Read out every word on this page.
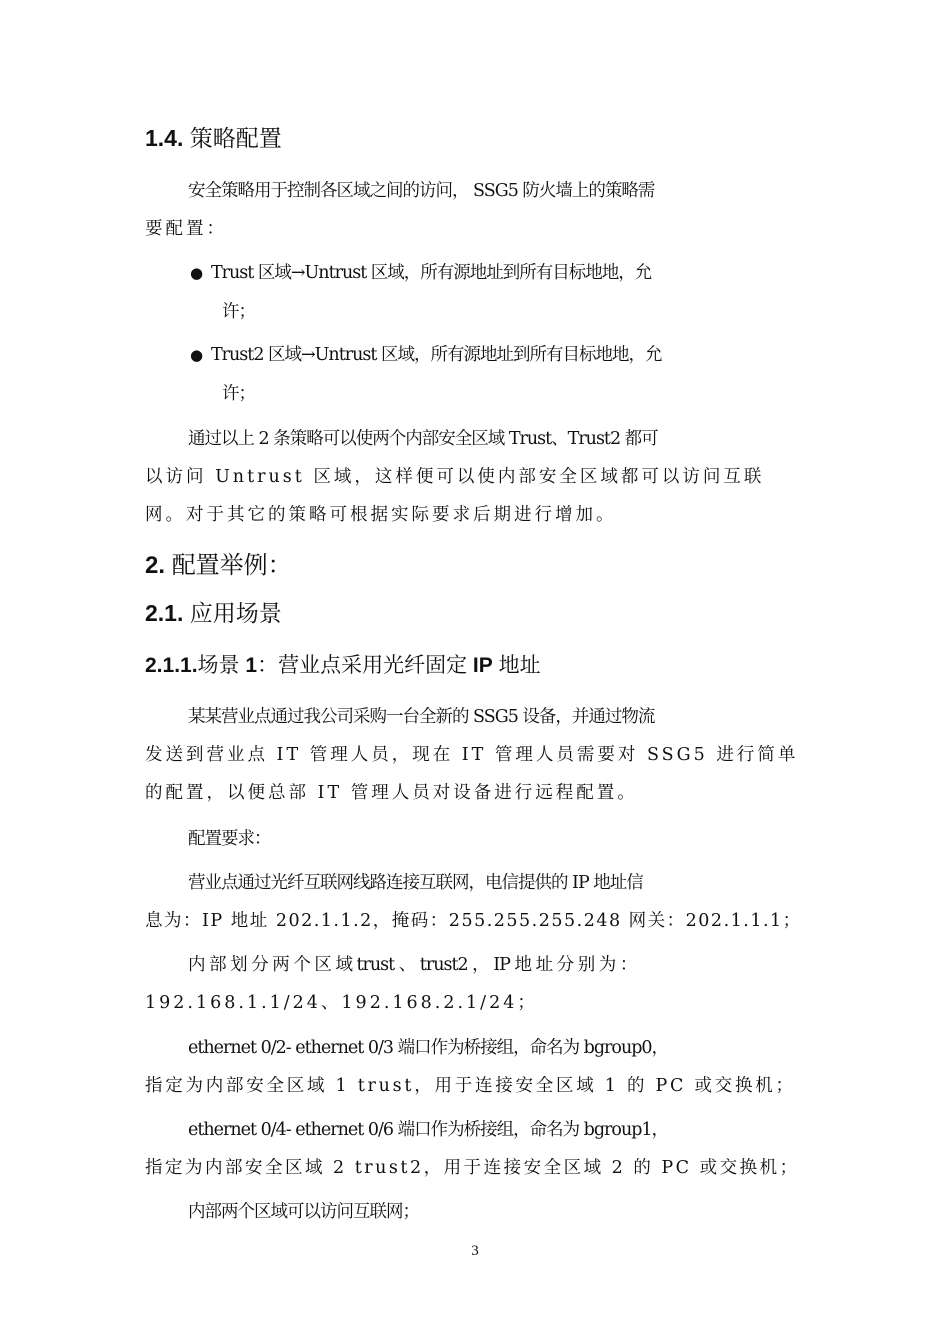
1.4. 策略配置
安全策略用于控制各区域之间的访问， SSG5 防火墙上的策略需
要配置：
● Trust 区域→Untrust 区域，所有源地址到所有目标地地，允
许；
● Trust2 区域→Untrust 区域，所有源地址到所有目标地地，允
许；
通过以上 2 条策略可以使两个内部安全区域 Trust、Trust2 都可
以访问 Untrust 区域，这样便可以使内部安全区域都可以访问互联
网。对于其它的策略可根据实际要求后期进行增加。
2. 配置举例：
2.1. 应用场景
2.1.1.场景 1：营业点采用光纤固定 IP 地址
某某营业点通过我公司采购一台全新的 SSG5 设备，并通过物流
发送到营业点 IT 管理人员，现在 IT 管理人员需要对 SSG5 进行简单
的配置，以便总部 IT 管理人员对设备进行远程配置。
配置要求：
营业点通过光纤互联网线路连接互联网，电信提供的 IP 地址信
息为：IP 地址 202.1.1.2，掩码：255.255.255.248 网关：202.1.1.1；
内 部 划 分 两 个 区 域 trust 、 trust2 ， IP 地 址 分 别 为 ：
192.168.1.1/24、192.168.2.1/24；
ethernet 0/2- ethernet 0/3 端口作为桥接组，命名为 bgroup0，
指定为内部安全区域 1 trust，用于连接安全区域 1 的 PC 或交换机；
ethernet 0/4- ethernet 0/6 端口作为桥接组，命名为 bgroup1，
指定为内部安全区域 2 trust2，用于连接安全区域 2 的 PC 或交换机；
内部两个区域可以访问互联网；
3
